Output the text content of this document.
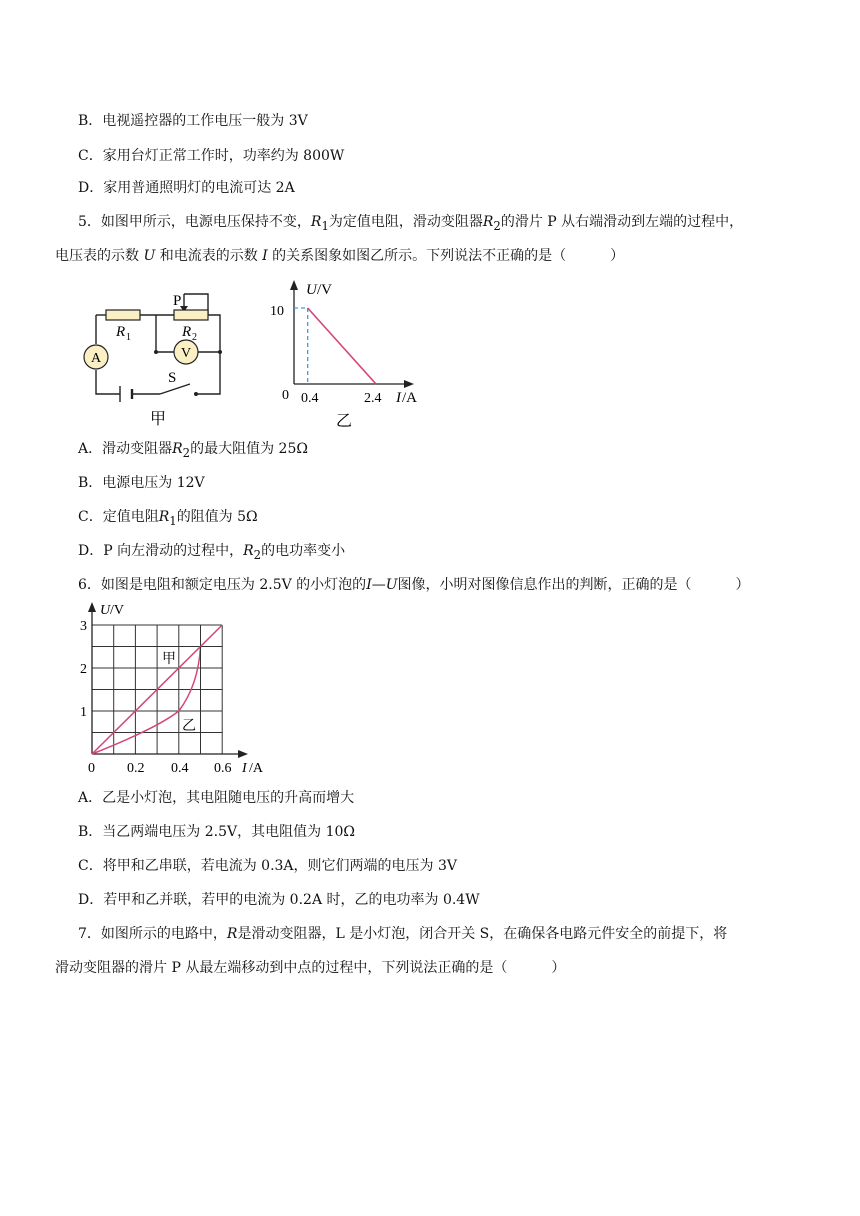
B．电视遥控器的工作电压一般为 3V
C．家用台灯正常工作时，功率约为 800W
D．家用普通照明灯的电流可达 2A
5．如图甲所示，电源电压保持不变，$R_1$为定值电阻，滑动变阻器$R_2$的滑片 P 从右端滑动到左端的过程中，
电压表的示数 U 和电流表的示数 I 的关系图象如图乙所示。下列说法不正确的是（	）
A	V
P
R 1	R 2
S
甲
U /V
10
0 0.4	2.4 I /A
乙
A．滑动变阻器$R_2$的最大阻值为 25Ω
B．电源电压为 12V
C．定值电阻$R_1$的阻值为 5Ω
D．P 向左滑动的过程中，$R_2$的电功率变小
6．如图是电阻和额定电压为 2.5V 的小灯泡的I—U图像，小明对图像信息作出的判断，正确的是（	）
U /V
3
2
1
0 0.2 0.4 0.6 I /A
甲
乙
A．乙是小灯泡，其电阻随电压的升高而增大
B．当乙两端电压为 2.5V，其电阻值为 10Ω
C．将甲和乙串联，若电流为 0.3A，则它们两端的电压为 3V
D．若甲和乙并联，若甲的电流为 0.2A 时，乙的电功率为 0.4W
7．如图所示的电路中，R是滑动变阻器，L 是小灯泡，闭合开关 S，在确保各电路元件安全的前提下，将
滑动变阻器的滑片 P 从最左端移动到中点的过程中，下列说法正确的是（	）
